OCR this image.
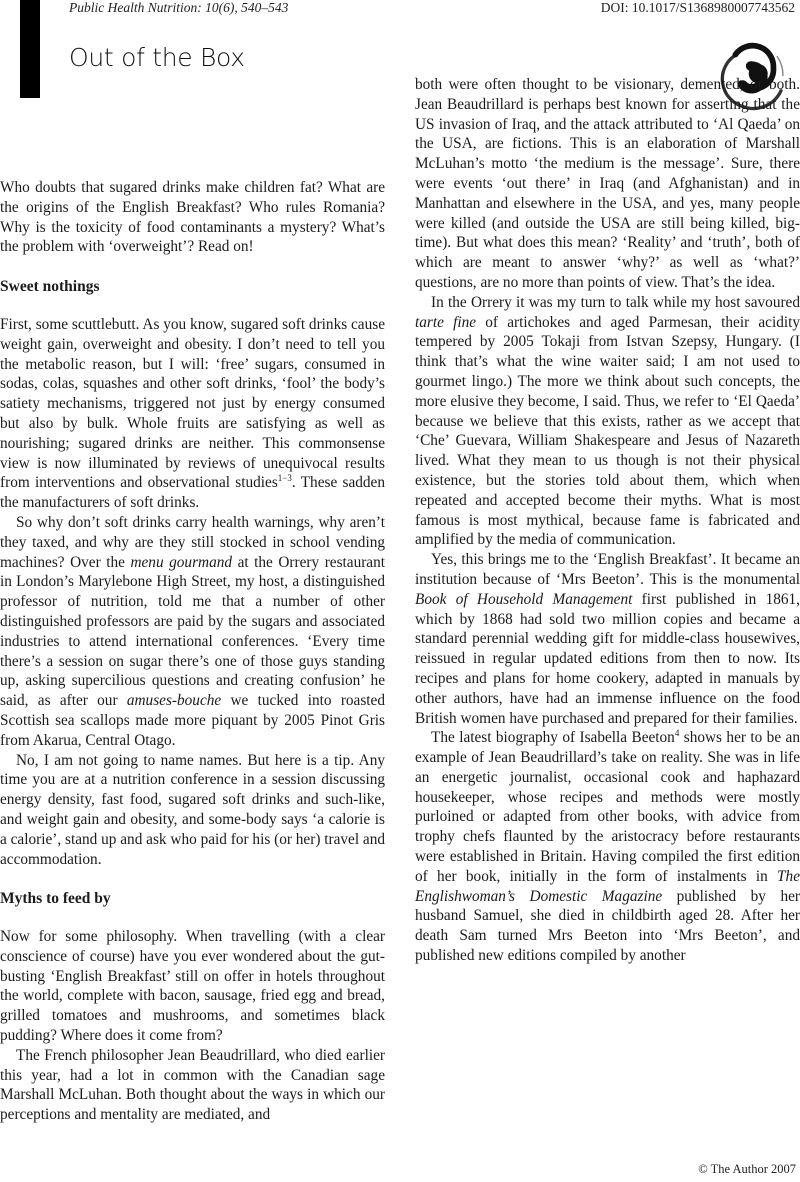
Public Health Nutrition: 10(6), 540–543	DOI: 10.1017/S1368980007743562
Out of the Box

Who doubts that sugared drinks make children fat? What are the origins of the English Breakfast? Who rules Romania? Why is the toxicity of food contaminants a mystery? What’s the problem with ‘overweight’? Read on!

Sweet nothings

First, some scuttlebutt. As you know, sugared soft drinks cause weight gain, overweight and obesity. I don’t need to tell you the metabolic reason, but I will: ‘free’ sugars, consumed in sodas, colas, squashes and other soft drinks, ‘fool’ the body’s satiety mechanisms, triggered not just by energy consumed but also by bulk. Whole fruits are satisfying as well as nourishing; sugared drinks are neither. This commonsense view is now illuminated by reviews of unequivocal results from interventions and observational studies$^{1-3}$. These sadden the manufacturers of soft drinks.

So why don’t soft drinks carry health warnings, why aren’t they taxed, and why are they still stocked in school vending machines? Over the menu gourmand at the Orrery restaurant in London’s Marylebone High Street, my host, a distinguished professor of nutrition, told me that a number of other distinguished professors are paid by the sugars and associated industries to attend international conferences. ‘Every time there’s a session on sugar there’s one of those guys standing up, asking supercilious questions and creating confusion’ he said, as after our amuses-bouche we tucked into roasted Scottish sea scallops made more piquant by 2005 Pinot Gris from Akarua, Central Otago.

No, I am not going to name names. But here is a tip. Any time you are at a nutrition conference in a session discussing energy density, fast food, sugared soft drinks and such-like, and weight gain and obesity, and some-body says ‘a calorie is a calorie’, stand up and ask who paid for his (or her) travel and accommodation.

Myths to feed by

Now for some philosophy. When travelling (with a clear conscience of course) have you ever wondered about the gut-busting ‘English Breakfast’ still on offer in hotels throughout the world, complete with bacon, sausage, fried egg and bread, grilled tomatoes and mushrooms, and sometimes black pudding? Where does it come from?

The French philosopher Jean Beaudrillard, who died earlier this year, had a lot in common with the Canadian sage Marshall McLuhan. Both thought about the ways in which our perceptions and mentality are mediated, and

both were often thought to be visionary, demented, or both. Jean Beaudrillard is perhaps best known for asserting that the US invasion of Iraq, and the attack attributed to ‘Al Qaeda’ on the USA, are fictions. This is an elaboration of Marshall McLuhan’s motto ‘the medium is the message’. Sure, there were events ‘out there’ in Iraq (and Afghanistan) and in Manhattan and elsewhere in the USA, and yes, many people were killed (and outside the USA are still being killed, big-time). But what does this mean? ‘Reality’ and ‘truth’, both of which are meant to answer ‘why?’ as well as ‘what?’ questions, are no more than points of view. That’s the idea.

In the Orrery it was my turn to talk while my host savoured tarte fine of artichokes and aged Parmesan, their acidity tempered by 2005 Tokaji from Istvan Szepsy, Hungary. (I think that’s what the wine waiter said; I am not used to gourmet lingo.) The more we think about such concepts, the more elusive they become, I said. Thus, we refer to ‘El Qaeda’ because we believe that this exists, rather as we accept that ‘Che’ Guevara, William Shakespeare and Jesus of Nazareth lived. What they mean to us though is not their physical existence, but the stories told about them, which when repeated and accepted become their myths. What is most famous is most mythical, because fame is fabricated and amplified by the media of communication.

Yes, this brings me to the ‘English Breakfast’. It became an institution because of ‘Mrs Beeton’. This is the monumental Book of Household Management first published in 1861, which by 1868 had sold two million copies and became a standard perennial wedding gift for middle-class housewives, reissued in regular updated editions from then to now. Its recipes and plans for home cookery, adapted in manuals by other authors, have had an immense influence on the food British women have purchased and prepared for their families.

The latest biography of Isabella Beeton$^4$ shows her to be an example of Jean Beaudrillard’s take on reality. She was in life an energetic journalist, occasional cook and haphazard housekeeper, whose recipes and methods were mostly purloined or adapted from other books, with advice from trophy chefs flaunted by the aristocracy before restaurants were established in Britain. Having compiled the first edition of her book, initially in the form of instalments in The Englishwoman’s Domestic Magazine published by her husband Samuel, she died in childbirth aged 28. After her death Sam turned Mrs Beeton into ‘Mrs Beeton’, and published new editions compiled by another

© The Author 2007
